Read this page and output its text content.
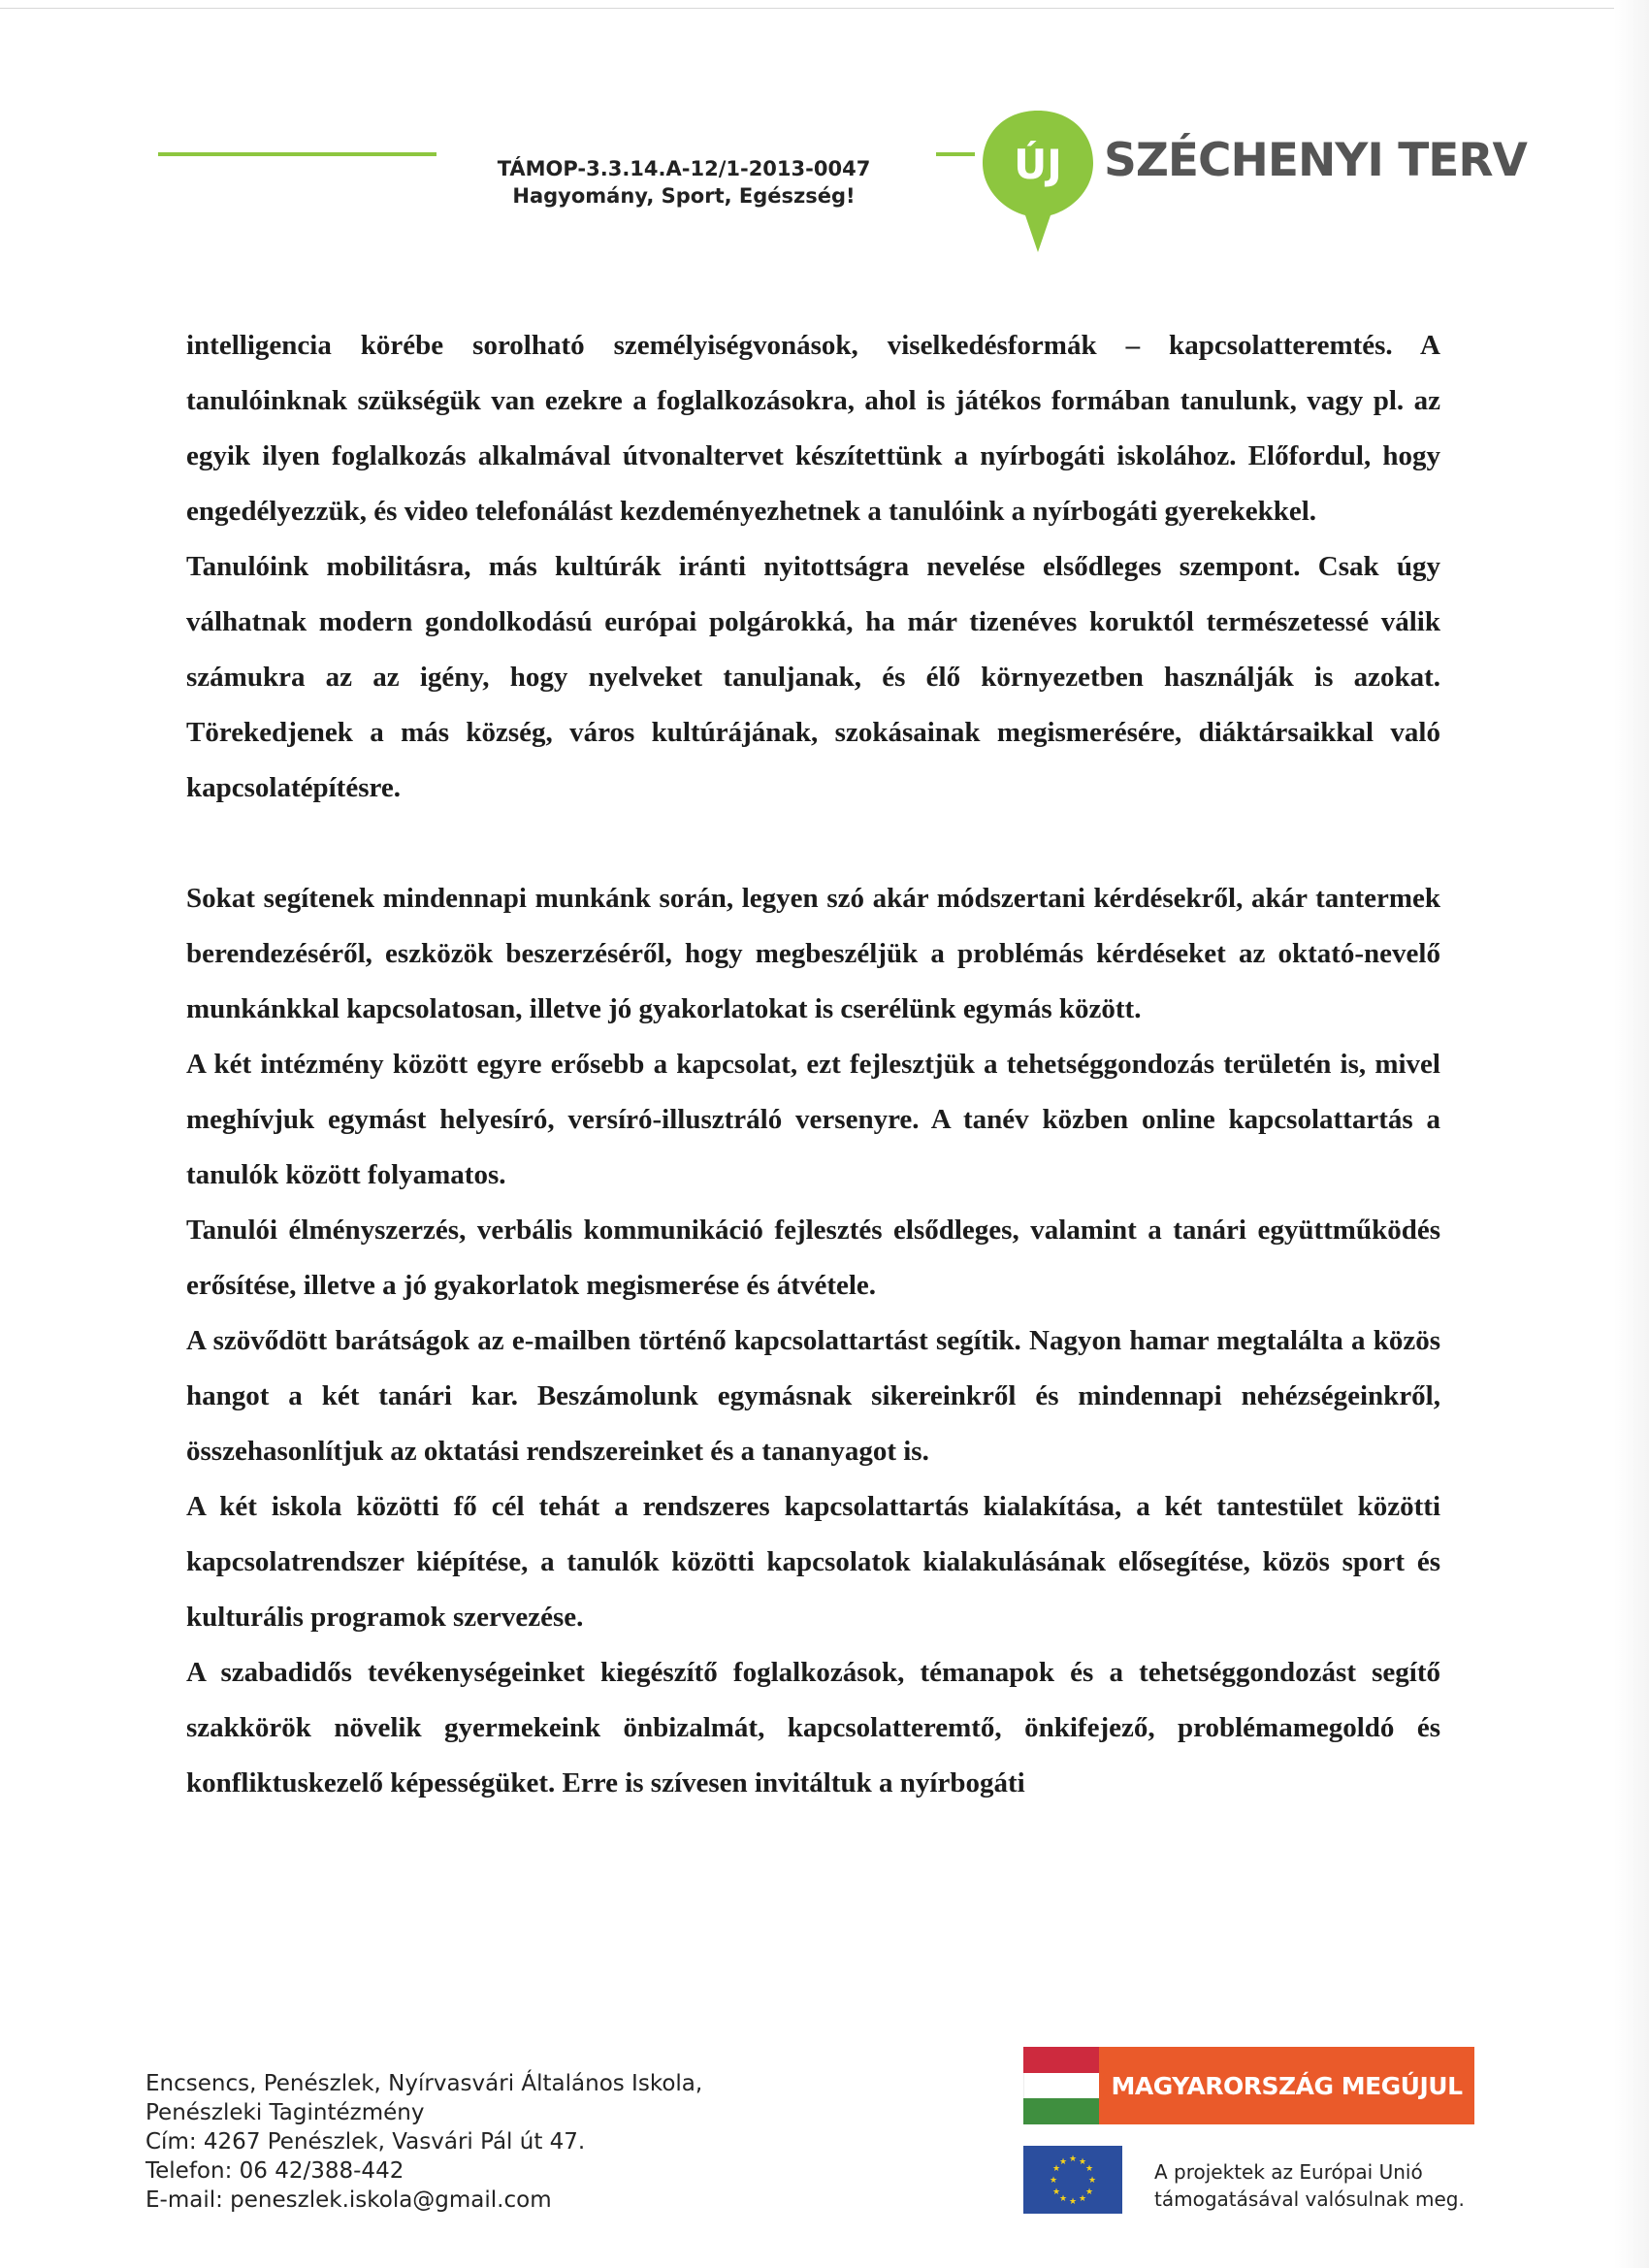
TÁMOP-3.3.14.A-12/1-2013-0047
Hagyomány, Sport, Egészség!
ÚJ SZÉCHENYI TERV

intelligencia körébe sorolható személyiségvonások, viselkedésformák – kapcsolatteremtés. A tanulóinknak szükségük van ezekre a foglalkozásokra, ahol is játékos formában tanulunk, vagy pl. az egyik ilyen foglalkozás alkalmával útvonaltervet készítettünk a nyírbogáti iskolához. Előfordul, hogy engedélyezzük, és video telefonálást kezdeményezhetnek a tanulóink a nyírbogáti gyerekekkel.

Tanulóink mobilitásra, más kultúrák iránti nyitottságra nevelése elsődleges szempont. Csak úgy válhatnak modern gondolkodású európai polgárokká, ha már tizenéves koruktól természetessé válik számukra az az igény, hogy nyelveket tanuljanak, és élő környezetben használják is azokat. Törekedjenek a más község, város kultúrájának, szokásainak megismerésére, diáktársaikkal való kapcsolatépítésre.

Sokat segítenek mindennapi munkánk során, legyen szó akár módszertani kérdésekről, akár tantermek berendezéséről, eszközök beszerzéséről, hogy megbeszéljük a problémás kérdéseket az oktató-nevelő munkánkkal kapcsolatosan, illetve jó gyakorlatokat is cserélünk egymás között.

A két intézmény között egyre erősebb a kapcsolat, ezt fejlesztjük a tehetséggondozás területén is, mivel meghívjuk egymást helyesíró, versíró-illusztráló versenyre. A tanév közben online kapcsolattartás a tanulók között folyamatos.

Tanulói élményszerzés, verbális kommunikáció fejlesztés elsődleges, valamint a tanári együttműködés erősítése, illetve a jó gyakorlatok megismerése és átvétele.

A szövődött barátságok az e-mailben történő kapcsolattartást segítik. Nagyon hamar megtalálta a közös hangot a két tanári kar. Beszámolunk egymásnak sikereinkről és mindennapi nehézségeinkről, összehasonlítjuk az oktatási rendszereinket és a tananyagot is.

A két iskola közötti fő cél tehát a rendszeres kapcsolattartás kialakítása, a két tantestület közötti kapcsolatrendszer kiépítése, a tanulók közötti kapcsolatok kialakulásának elősegítése, közös sport és kulturális programok szervezése.

A szabadidős tevékenységeinket kiegészítő foglalkozások, témanapok és a tehetséggondozást segítő szakkörök növelik gyermekeink önbizalmát, kapcsolatteremtő, önkifejező, problémamegoldó és konfliktuskezelő képességüket. Erre is szívesen invitáltuk a nyírbogáti

Encsencs, Penészlek, Nyírvasvári Általános Iskola,
Penészleki Tagintézmény
Cím: 4267 Penészlek, Vasvári Pál út 47.
Telefon: 06 42/388-442
E-mail: peneszlek.iskola@gmail.com
MAGYARORSZÁG MEGÚJUL
★ ★
★
★
★
★
★
★
★
★
★
★	A projektek az Európai Unió
támogatásával valósulnak meg.
